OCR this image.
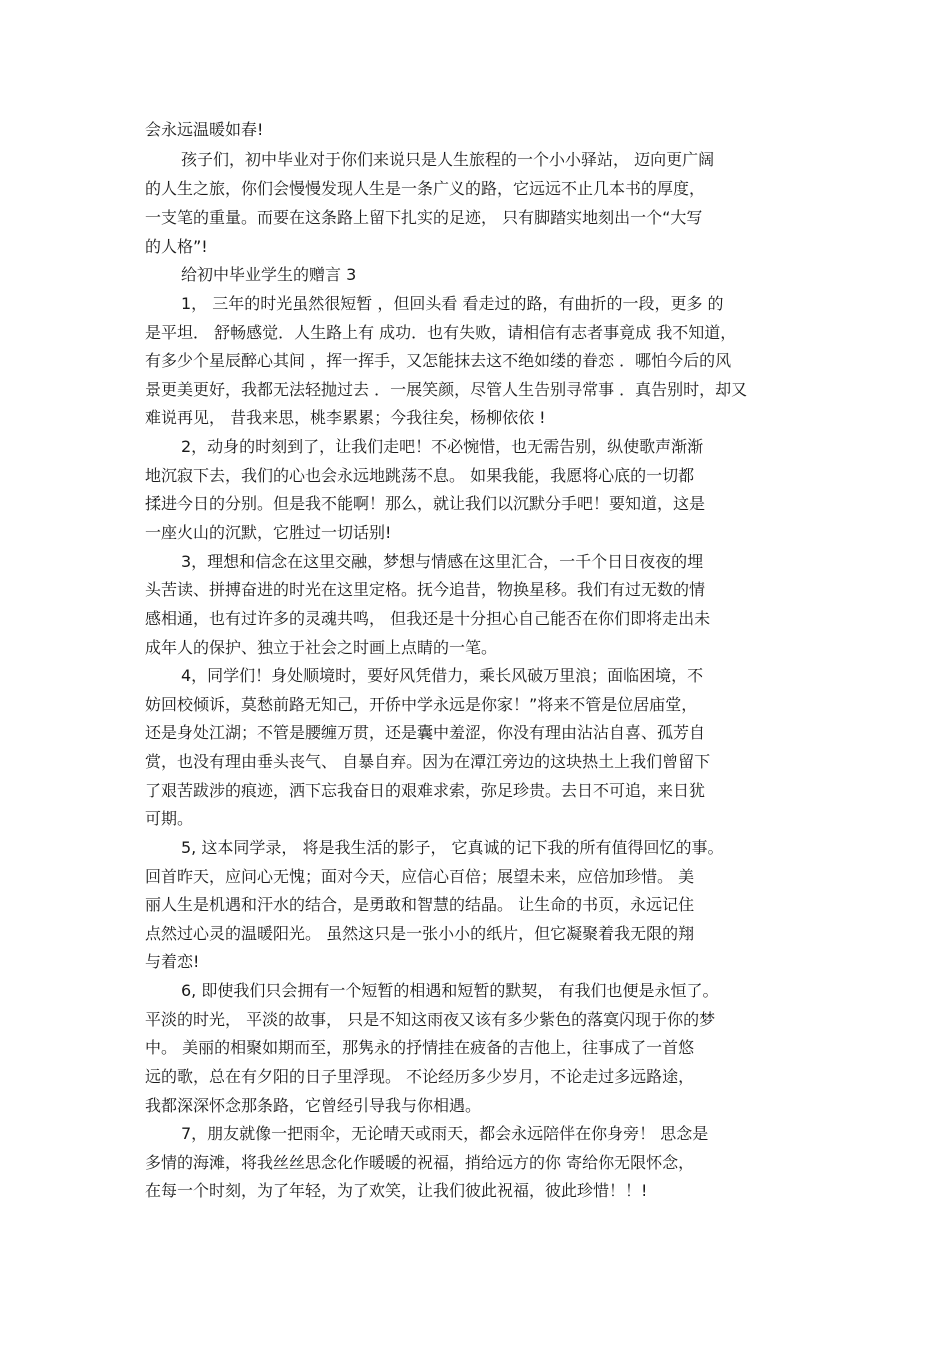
会永远温暖如春!
孩子们，初中毕业对于你们来说只是人生旅程的一个小小驿站， 迈向更广阔
的人生之旅，你们会慢慢发现人生是一条广义的路，它远远不止几本书的厚度，
一支笔的重量。而要在这条路上留下扎实的足迹， 只有脚踏实地刻出一个“大写
的人格”!
给初中毕业学生的赠言 3
1， 三年的时光虽然很短暂 ，但回头看 看走过的路，有曲折的一段，更多 的
是平坦． 舒畅感觉．人生路上有 成功．也有失败，请相信有志者事竟成 我不知道，
有多少个星辰醉心其间 ，挥一挥手，又怎能抹去这不绝如缕的眷恋 ．哪怕今后的风
景更美更好，我都无法轻抛过去 ．一展笑颜，尽管人生告别寻常事 ．真告别时，却又
难说再见， 昔我来思，桃李累累；今我往矣，杨柳依依 !
2，动身的时刻到了，让我们走吧！不必惋惜，也无需告别，纵使歌声渐渐
地沉寂下去，我们的心也会永远地跳荡不息。 如果我能，我愿将心底的一切都
揉进今日的分别。但是我不能啊！那么，就让我们以沉默分手吧！要知道，这是
一座火山的沉默，它胜过一切话别!
3，理想和信念在这里交融，梦想与情感在这里汇合，一千个日日夜夜的埋
头苦读、拼搏奋进的时光在这里定格。抚今追昔，物换星移。我们有过无数的情
感相通，也有过许多的灵魂共鸣， 但我还是十分担心自己能否在你们即将走出未
成年人的保护、独立于社会之时画上点睛的一笔。
4，同学们！身处顺境时，要好风凭借力，乘长风破万里浪；面临困境，不
妨回校倾诉，莫愁前路无知己，开侨中学永远是你家！”将来不管是位居庙堂，
还是身处江湖；不管是腰缠万贯，还是囊中羞涩，你没有理由沾沾自喜、孤芳自
赏，也没有理由垂头丧气、 自暴自弃。因为在潭江旁边的这块热土上我们曾留下
了艰苦跋涉的痕迹，洒下忘我奋日的艰难求索，弥足珍贵。去日不可追，来日犹
可期。
5, 这本同学录， 将是我生活的影子， 它真诚的记下我的所有值得回忆的事。
回首昨天，应问心无愧；面对今天，应信心百倍；展望未来，应倍加珍惜。 美
丽人生是机遇和汗水的结合，是勇敢和智慧的结晶。 让生命的书页，永远记住
点然过心灵的温暖阳光。 虽然这只是一张小小的纸片，但它凝聚着我无限的翔
与着恋!
6, 即使我们只会拥有一个短暂的相遇和短暂的默契， 有我们也便是永恒了。
平淡的时光， 平淡的故事， 只是不知这雨夜又该有多少紫色的落寞闪现于你的梦
中。 美丽的相聚如期而至，那隽永的抒情挂在疲备的吉他上，往事成了一首悠
远的歌，总在有夕阳的日子里浮现。 不论经历多少岁月，不论走过多远路途，
我都深深怀念那条路，它曾经引导我与你相遇。
7，朋友就像一把雨伞，无论晴天或雨天，都会永远陪伴在你身旁！ 思念是
多情的海滩，将我丝丝思念化作暖暖的祝福，捎给远方的你 寄给你无限怀念，
在每一个时刻，为了年轻，为了欢笑，让我们彼此祝福，彼此珍惜！！!
